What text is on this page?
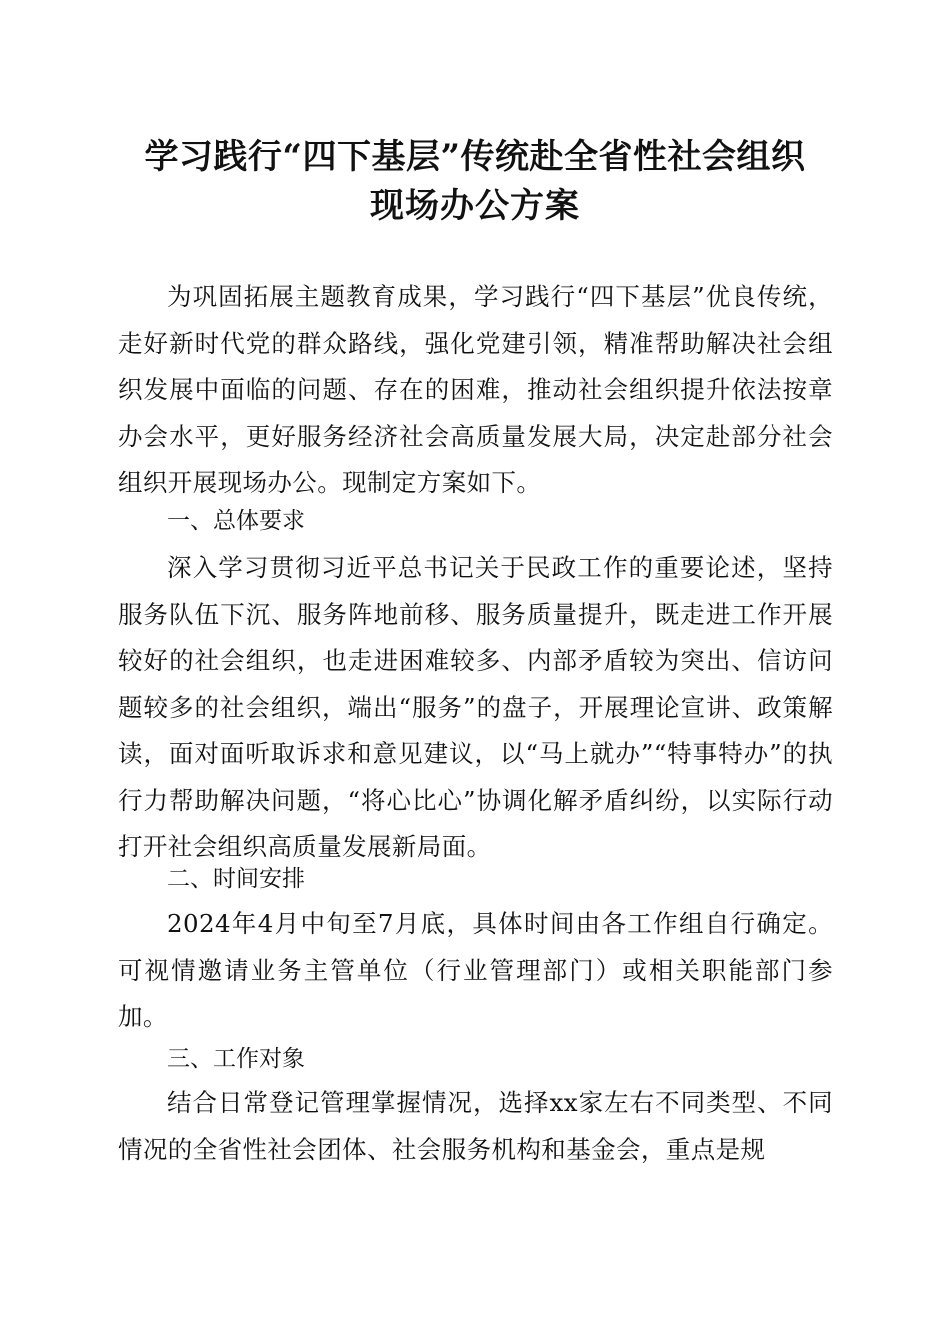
学习践行“四下基层”传统赴全省性社会组织
现场办公方案
为巩固拓展主题教育成果，学习践行“四下基层”优良传统，走好新时代党的群众路线，强化党建引领，精准帮助解决社会组织发展中面临的问题、存在的困难，推动社会组织提升依法按章办会水平，更好服务经济社会高质量发展大局，决定赴部分社会组织开展现场办公。现制定方案如下。
一、总体要求
深入学习贯彻习近平总书记关于民政工作的重要论述，坚持服务队伍下沉、服务阵地前移、服务质量提升，既走进工作开展较好的社会组织，也走进困难较多、内部矛盾较为突出、信访问题较多的社会组织，端出“服务”的盘子，开展理论宣讲、政策解读，面对面听取诉求和意见建议，以“马上就办”“特事特办”的执行力帮助解决问题，“将心比心”协调化解矛盾纠纷，以实际行动打开社会组织高质量发展新局面。
二、时间安排
2024年4月中旬至7月底，具体时间由各工作组自行确定。可视情邀请业务主管单位（行业管理部门）或相关职能部门参加。
三、工作对象
结合日常登记管理掌握情况，选择xx家左右不同类型、不同情况的全省性社会团体、社会服务机构和基金会，重点是规
